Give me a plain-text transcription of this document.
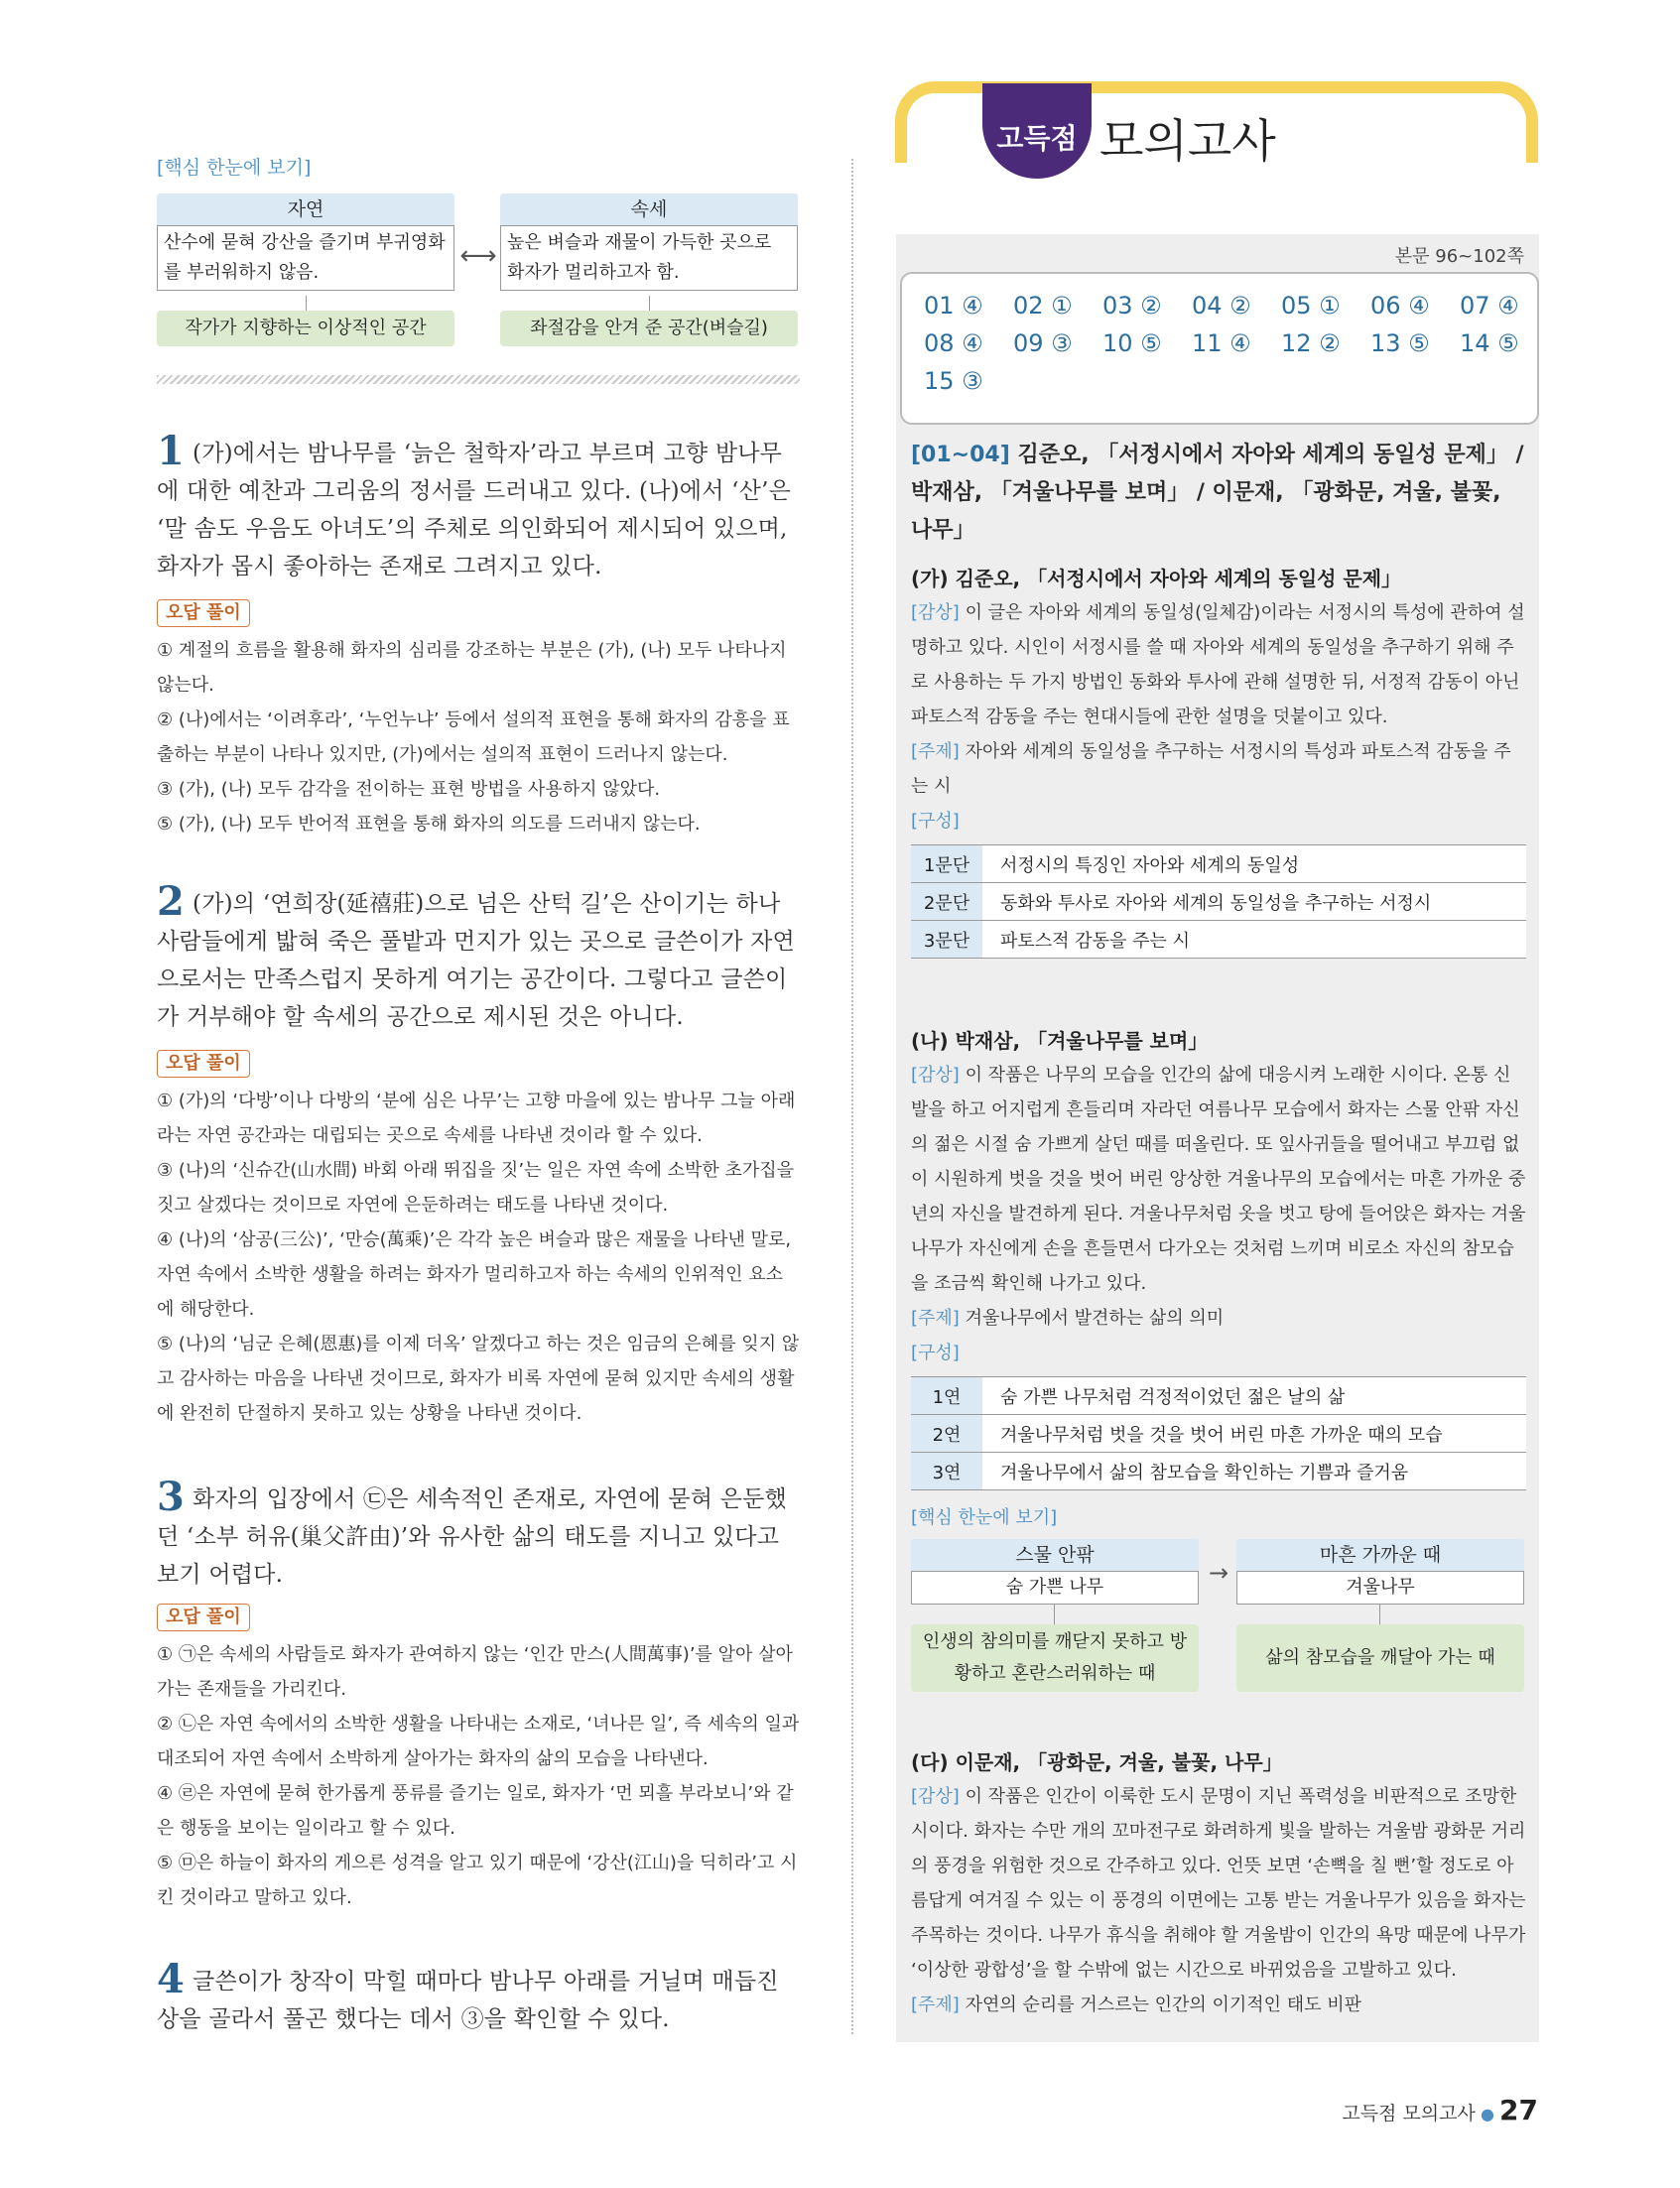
고득점 모의고사
[핵심 한눈에 보기]
자연
산수에 묻혀 강산을 즐기며 부귀영화를 부러워하지 않음.
⟷
속세
높은 벼슬과 재물이 가득한 곳으로 화자가 멀리하고자 함.
작가가 지향하는 이상적인 공간	좌절감을 안겨 준 공간(벼슬길)
1 (가)에서는 밤나무를 ‘늙은 철학자’라고 부르며 고향 밤나무에 대한 예찬과 그리움의 정서를 드러내고 있다. (나)에서 ‘산’은 ‘말 솜도 우음도 아녀도’의 주체로 의인화되어 제시되어 있으며, 화자가 몹시 좋아하는 존재로 그려지고 있다.
오답 풀이

① 계절의 흐름을 활용해 화자의 심리를 강조하는 부분은 (가), (나) 모두 나타나지 않는다.

② (나)에서는 ‘이려후라’, ‘누언누냐’ 등에서 설의적 표현을 통해 화자의 감흥을 표출하는 부분이 나타나 있지만, (가)에서는 설의적 표현이 드러나지 않는다.

③ (가), (나) 모두 감각을 전이하는 표현 방법을 사용하지 않았다.

⑤ (가), (나) 모두 반어적 표현을 통해 화자의 의도를 드러내지 않는다.

2 (가)의 ‘연희장(延禧莊)으로 넘은 산턱 길’은 산이기는 하나 사람들에게 밟혀 죽은 풀밭과 먼지가 있는 곳으로 글쓴이가 자연으로서는 만족스럽지 못하게 여기는 공간이다. 그렇다고 글쓴이가 거부해야 할 속세의 공간으로 제시된 것은 아니다.
오답 풀이

① (가)의 ‘다방’이나 다방의 ‘분에 심은 나무’는 고향 마을에 있는 밤나무 그늘 아래라는 자연 공간과는 대립되는 곳으로 속세를 나타낸 것이라 할 수 있다.

③ (나)의 ‘신슈간(山水間) 바회 아래 뛰집을 짓’는 일은 자연 속에 소박한 초가집을 짓고 살겠다는 것이므로 자연에 은둔하려는 태도를 나타낸 것이다.

④ (나)의 ‘삼공(三公)’, ‘만승(萬乘)’은 각각 높은 벼슬과 많은 재물을 나타낸 말로, 자연 속에서 소박한 생활을 하려는 화자가 멀리하고자 하는 속세의 인위적인 요소에 해당한다.

⑤ (나)의 ‘님군 은혜(恩惠)를 이제 더옥’ 알겠다고 하는 것은 임금의 은혜를 잊지 않고 감사하는 마음을 나타낸 것이므로, 화자가 비록 자연에 묻혀 있지만 속세의 생활에 완전히 단절하지 못하고 있는 상황을 나타낸 것이다.

3 화자의 입장에서 ㉢은 세속적인 존재로, 자연에 묻혀 은둔했던 ‘소부 허유(巢父許由)’와 유사한 삶의 태도를 지니고 있다고 보기 어렵다.
오답 풀이

① ㉠은 속세의 사람들로 화자가 관여하지 않는 ‘인간 만스(人間萬事)’를 알아 살아가는 존재들을 가리킨다.

② ㉡은 자연 속에서의 소박한 생활을 나타내는 소재로, ‘녀나믄 일’, 즉 세속의 일과 대조되어 자연 속에서 소박하게 살아가는 화자의 삶의 모습을 나타낸다.

④ ㉣은 자연에 묻혀 한가롭게 풍류를 즐기는 일로, 화자가 ‘먼 뫼흘 부라보니’와 같은 행동을 보이는 일이라고 할 수 있다.

⑤ ㉤은 하늘이 화자의 게으른 성격을 알고 있기 때문에 ‘강산(江山)을 딕히라’고 시킨 것이라고 말하고 있다.

4 글쓴이가 창작이 막힐 때마다 밤나무 아래를 거닐며 매듭진 상을 골라서 풀곤 했다는 데서 ③을 확인할 수 있다.
본문 96~102쪽
01 ④ 02 ① 03 ② 04 ② 05 ① 06 ④ 07 ④
08 ④ 09 ③ 10 ⑤ 11 ④ 12 ② 13 ⑤ 14 ⑤
15 ③
[01~04] 김준오, 「서정시에서 자아와 세계의 동일성 문제」 / 박재삼, 「겨울나무를 보며」 / 이문재, 「광화문, 겨울, 불꽃, 나무」
(가) 김준오, 「서정시에서 자아와 세계의 동일성 문제」

[감상] 이 글은 자아와 세계의 동일성(일체감)이라는 서정시의 특성에 관하여 설명하고 있다. 시인이 서정시를 쓸 때 자아와 세계의 동일성을 추구하기 위해 주로 사용하는 두 가지 방법인 동화와 투사에 관해 설명한 뒤, 서정적 감동이 아닌 파토스적 감동을 주는 현대시들에 관한 설명을 덧붙이고 있다.

[주제] 자아와 세계의 동일성을 추구하는 서정시의 특성과 파토스적 감동을 주는 시

[구성]

1문단	서정시의 특징인 자아와 세계의 동일성
2문단	동화와 투사로 자아와 세계의 동일성을 추구하는 서정시
3문단	파토스적 감동을 주는 시
(나) 박재삼, 「겨울나무를 보며」

[감상] 이 작품은 나무의 모습을 인간의 삶에 대응시켜 노래한 시이다. 온통 신발을 하고 어지럽게 흔들리며 자라던 여름나무 모습에서 화자는 스물 안팎 자신의 젊은 시절 숨 가쁘게 살던 때를 떠올린다. 또 잎사귀들을 떨어내고 부끄럼 없이 시원하게 벗을 것을 벗어 버린 앙상한 겨울나무의 모습에서는 마흔 가까운 중년의 자신을 발견하게 된다. 겨울나무처럼 옷을 벗고 탕에 들어앉은 화자는 겨울나무가 자신에게 손을 흔들면서 다가오는 것처럼 느끼며 비로소 자신의 참모습을 조금씩 확인해 나가고 있다.

[주제] 겨울나무에서 발견하는 삶의 의미

[구성]

1연	숨 가쁜 나무처럼 걱정적이었던 젊은 날의 삶
2연	겨울나무처럼 벗을 것을 벗어 버린 마흔 가까운 때의 모습
3연	겨울나무에서 삶의 참모습을 확인하는 기쁨과 즐거움
[핵심 한눈에 보기]
스물 안팎
숨 가쁜 나무
→
마흔 가까운 때
겨울나무
인생의 참의미를 깨닫지 못하고 방황하고 혼란스러워하는 때
삶의 참모습을 깨달아 가는 때
(다) 이문재, 「광화문, 겨울, 불꽃, 나무」

[감상] 이 작품은 인간이 이룩한 도시 문명이 지닌 폭력성을 비판적으로 조망한 시이다. 화자는 수만 개의 꼬마전구로 화려하게 빛을 발하는 겨울밤 광화문 거리의 풍경을 위험한 것으로 간주하고 있다. 언뜻 보면 ‘손뼉을 칠 뻔’할 정도로 아름답게 여겨질 수 있는 이 풍경의 이면에는 고통 받는 겨울나무가 있음을 화자는 주목하는 것이다. 나무가 휴식을 취해야 할 겨울밤이 인간의 욕망 때문에 나무가 ‘이상한 광합성’을 할 수밖에 없는 시간으로 바뀌었음을 고발하고 있다.

[주제] 자연의 순리를 거스르는 인간의 이기적인 태도 비판

고득점 모의고사 ● 27
